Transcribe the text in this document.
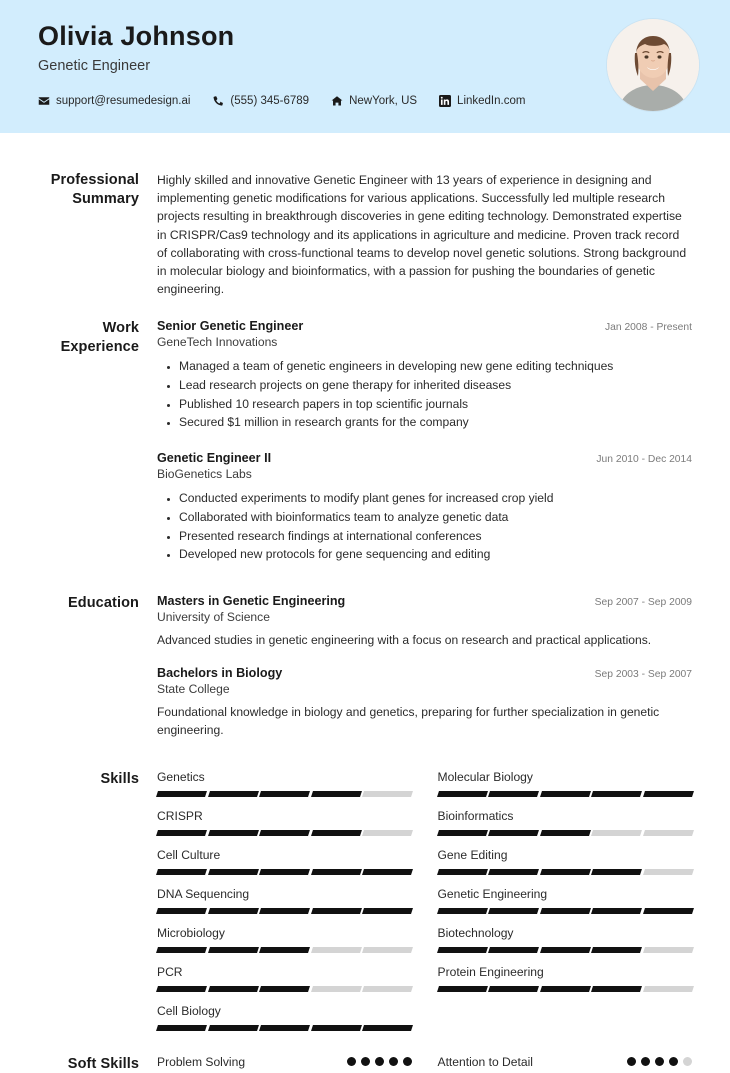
Olivia Johnson
Genetic Engineer
support@resumedesign.ai	(555) 345-6789	NewYork, US	LinkedIn.com
Professional Summary
Highly skilled and innovative Genetic Engineer with 13 years of experience in designing and implementing genetic modifications for various applications. Successfully led multiple research projects resulting in breakthrough discoveries in gene editing technology. Demonstrated expertise in CRISPR/Cas9 technology and its applications in agriculture and medicine. Proven track record of collaborating with cross-functional teams to develop novel genetic solutions. Strong background in molecular biology and bioinformatics, with a passion for pushing the boundaries of genetic engineering.
Work Experience
Senior Genetic Engineer	Jan 2008 - Present
GeneTech Innovations
• Managed a team of genetic engineers in developing new gene editing techniques
• Lead research projects on gene therapy for inherited diseases
• Published 10 research papers in top scientific journals
• Secured $1 million in research grants for the company
Genetic Engineer II	Jun 2010 - Dec 2014
BioGenetics Labs
• Conducted experiments to modify plant genes for increased crop yield
• Collaborated with bioinformatics team to analyze genetic data
• Presented research findings at international conferences
• Developed new protocols for gene sequencing and editing
Education	Masters in Genetic Engineering	Sep 2007 - Sep 2009
University of Science
Advanced studies in genetic engineering with a focus on research and practical applications.
Bachelors in Biology	Sep 2003 - Sep 2007
State College
Foundational knowledge in biology and genetics, preparing for further specialization in genetic engineering.
Skills	Genetics	Molecular Biology
CRISPR	Bioinformatics
Cell Culture	Gene Editing
DNA Sequencing	Genetic Engineering
Microbiology	Biotechnology
PCR	Protein Engineering
Cell Biology
Soft Skills	Problem Solving	Attention to Detail
